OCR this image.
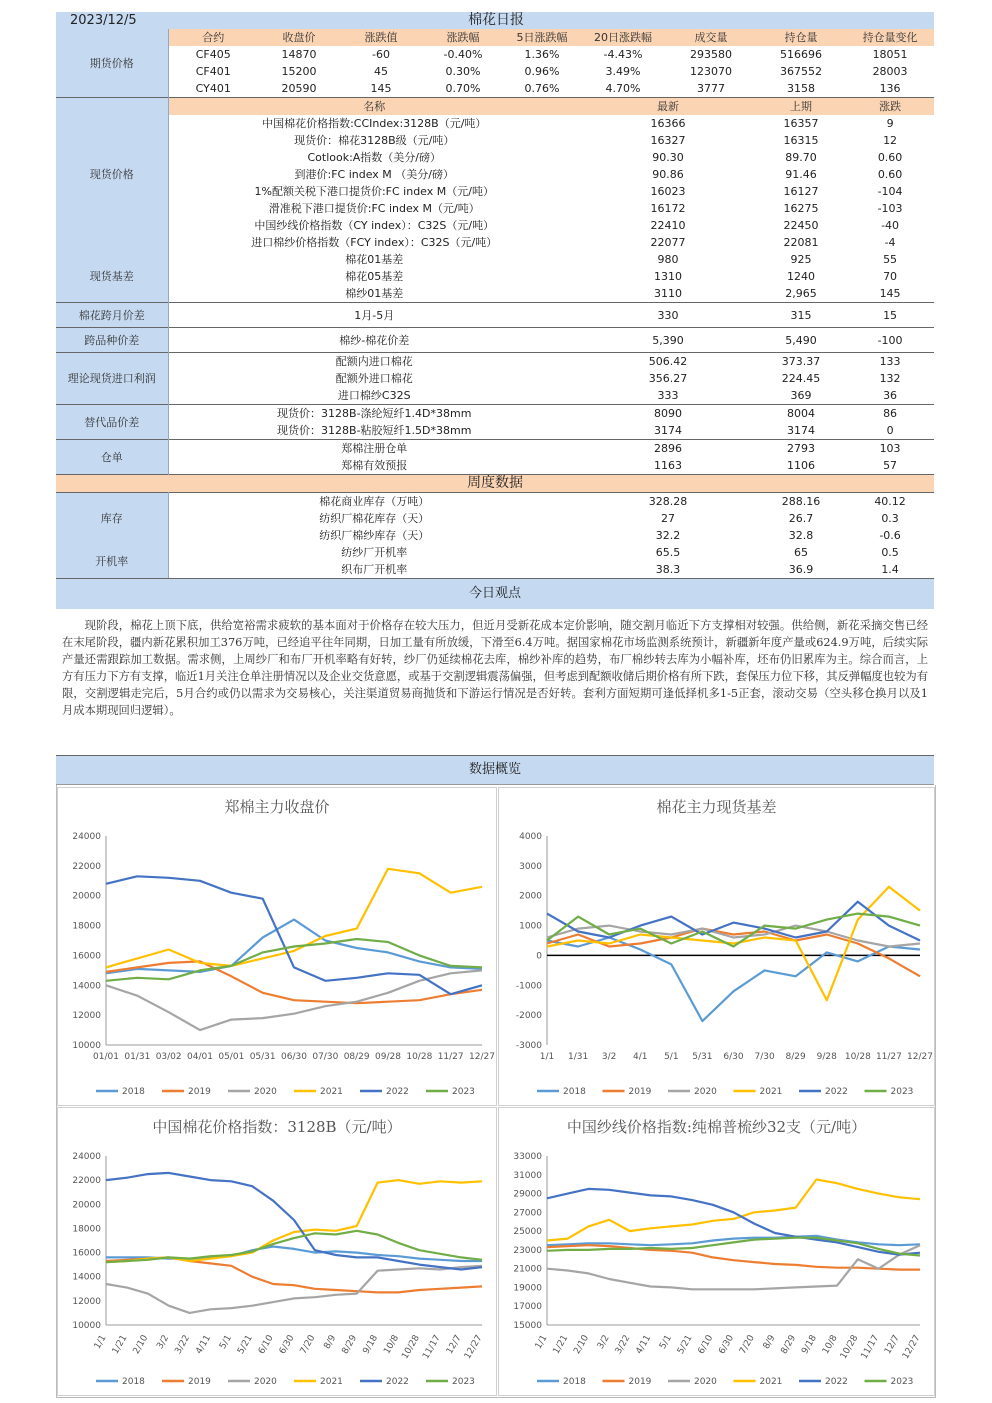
2023/12/5	棉花日报								
期货价格	合约	收盘价	涨跌值	涨跌幅	5日涨跌幅	20日涨跌幅	成交量	持仓量	持仓量变化
	CF405	14870	-60	-0.40%	1.36%	-4.43%	293580	516696	18051
	CF401	15200	45	0.30%	0.96%	3.49%	123070	367552	28003
	CY401	20590	145	0.70%	0.76%	4.70%	3777	3158	136
现货价格	名称					最新		上期	涨跌
	中国棉花价格指数:CCIndex:3128B（元/吨）					16366		16357	9
	现货价：棉花3128B级（元/吨）					16327		16315	12
	Cotlook:A指数（美分/磅）					90.30		89.70	0.60
	到港价:FC index M （美分/磅）					90.86		91.46	0.60
	1%配额关税下港口提货价:FC index M（元/吨）					16023		16127	-104
	滑准税下港口提货价:FC index M（元/吨）					16172		16275	-103
	中国纱线价格指数（CY index）：C32S（元/吨）					22410		22450	-40
	进口棉纱价格指数（FCY index）：C32S（元/吨）					22077		22081	-4
现货基差	棉花01基差					980		925	55
	棉花05基差					1310		1240	70
	棉纱01基差					3110		2,965	145
棉花跨月价差	1月-5月					330		315	15
跨品种价差	棉纱-棉花价差					5,390		5,490	-100
理论现货进口利润	配额内进口棉花					506.42		373.37	133
	配额外进口棉花					356.27		224.45	132
	进口棉纱C32S					333		369	36
替代品价差	现货价：3128B-涤纶短纤1.4D*38mm					8090		8004	86
	现货价：3128B-粘胶短纤1.5D*38mm					3174		3174	0
仓单	郑棉注册仓单					2896		2793	103
	郑棉有效预报					1163		1106	57
周度数据									
库存	棉花商业库存（万吨）					328.28		288.16	40.12
	纺织厂棉花库存（天）					27		26.7	0.3
	纺织厂棉纱库存（天）					32.2		32.8	-0.6
开机率	纺纱厂开机率					65.5		65	0.5
	织布厂开机率					38.3		36.9	1.4
今日观点
现阶段，棉花上顶下底，供给宽裕需求疲软的基本面对于价格存在较大压力，但近月受新花成本定价影响，随交割月临近下方支撑相对较强。供给侧，新花采摘交售已经在末尾阶段，疆内新花累积加工376万吨，已经追平往年同期，日加工量有所放缓，下滑至6.4万吨。据国家棉花市场监测系统预计，新疆新年度产量或624.9万吨，后续实际产量还需跟踪加工数据。需求侧，上周纱厂和布厂开机率略有好转，纱厂仍延续棉花去库，棉纱补库的趋势，布厂棉纱转去库为小幅补库，坯布仍旧累库为主。综合而言，上方有压力下方有支撑，临近1月关注仓单注册情况以及企业交货意愿，或基于交割逻辑震荡偏强，但考虑到配额收储后期价格有所下跌，套保压力位下移，其反弹幅度也较为有限，交割逻辑走完后，5月合约或仍以需求为交易核心，关注渠道贸易商抛货和下游运行情况是否好转。套利方面短期可逢低择机多1-5正套，滚动交易（空头移仓换月以及1月成本期现回归逻辑）。
数据概览
郑棉主力收盘价
10000
12000
14000
16000
18000
20000
22000
24000
01/01 01/31 03/02 04/01 05/01 05/31 06/30 07/30 08/29 09/28 10/28 11/27 12/27
2018	2019	2020	2021	2022	2023
棉花主力现货基差
-3000
-2000
-1000
0
1000
2000
3000
4000
1/1 1/31 3/2 4/1 5/1 5/31 6/30 7/30 8/29 9/28 10/28 11/27 12/27
2018	2019	2020	2021	2022	2023
中国棉花价格指数：3128B（元/吨）
10000
12000
14000
16000
18000
20000
22000
24000
1/1 1/21 2/10 3/2 3/22 4/11 5/1 5/21 6/10 6/30 7/20 8/9 8/29 9/18 10/8 10/28 11/17 12/7 12/27
2018	2019	2020	2021	2022	2023
中国纱线价格指数:纯棉普梳纱32支（元/吨）
15000
17000
19000
21000
23000
25000
27000
29000
31000
33000
1/1 1/21 2/10 3/2 3/22 4/11 5/1 5/21 6/10 6/30 7/20 8/9 8/29 9/18 10/8 10/28 11/17 12/7 12/27
2018	2019	2020	2021	2022	2023
